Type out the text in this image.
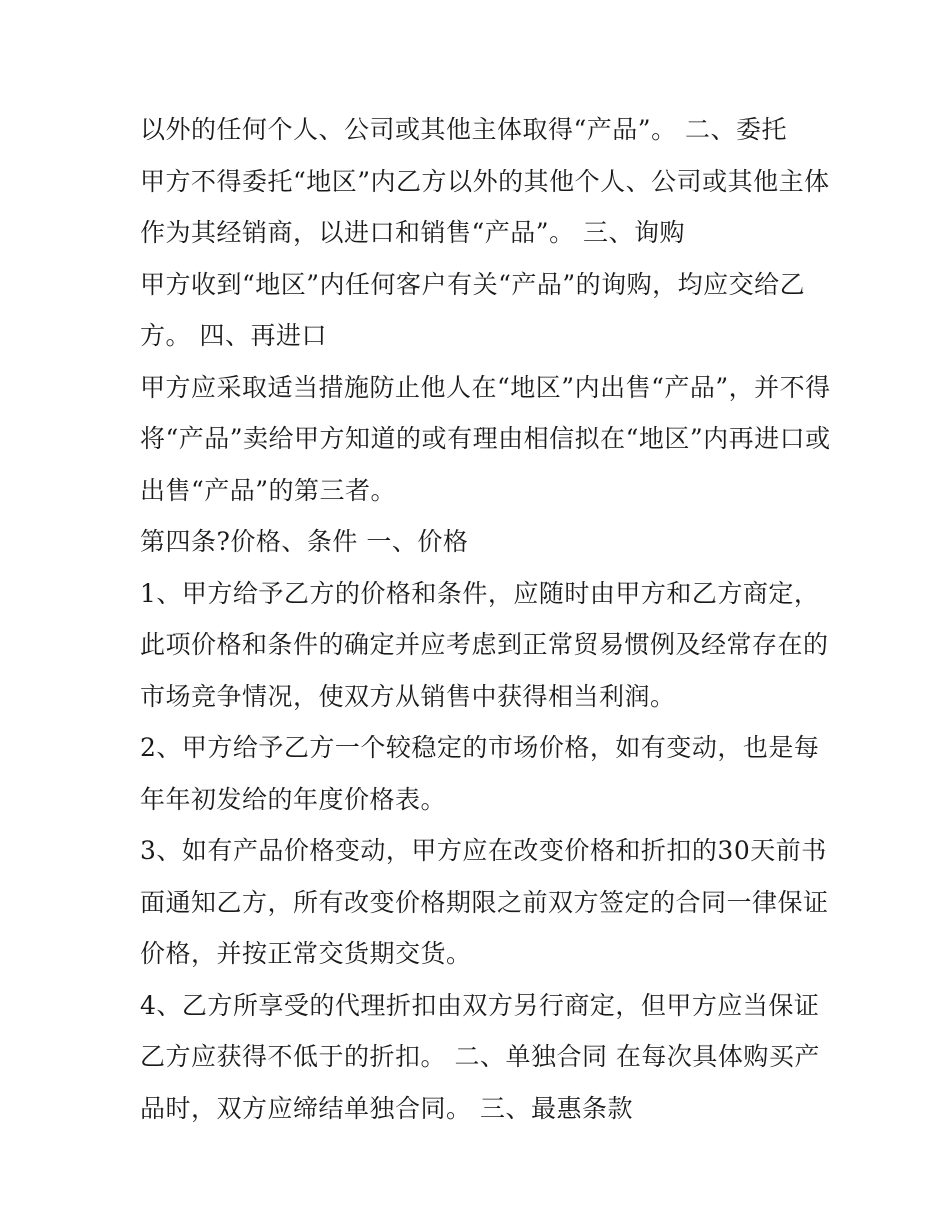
以外的任何个人、公司或其他主体取得“产品”。 二、委托
甲方不得委托“地区”内乙方以外的其他个人、公司或其他主体
作为其经销商，以进口和销售“产品”。 三、询购
甲方收到“地区”内任何客户有关“产品”的询购，均应交给乙
方。 四、再进口
甲方应采取适当措施防止他人在“地区”内出售“产品”，并不得
将“产品”卖给甲方知道的或有理由相信拟在“地区”内再进口或
出售“产品”的第三者。
第四条?价格、条件 一、价格
1、甲方给予乙方的价格和条件，应随时由甲方和乙方商定，
此项价格和条件的确定并应考虑到正常贸易惯例及经常存在的
市场竞争情况，使双方从销售中获得相当利润。
2、甲方给予乙方一个较稳定的市场价格，如有变动，也是每
年年初发给的年度价格表。
3、如有产品价格变动，甲方应在改变价格和折扣的30天前书
面通知乙方，所有改变价格期限之前双方签定的合同一律保证
价格，并按正常交货期交货。
4、乙方所享受的代理折扣由双方另行商定，但甲方应当保证
乙方应获得不低于的折扣。 二、单独合同 在每次具体购买产
品时，双方应缔结单独合同。 三、最惠条款
